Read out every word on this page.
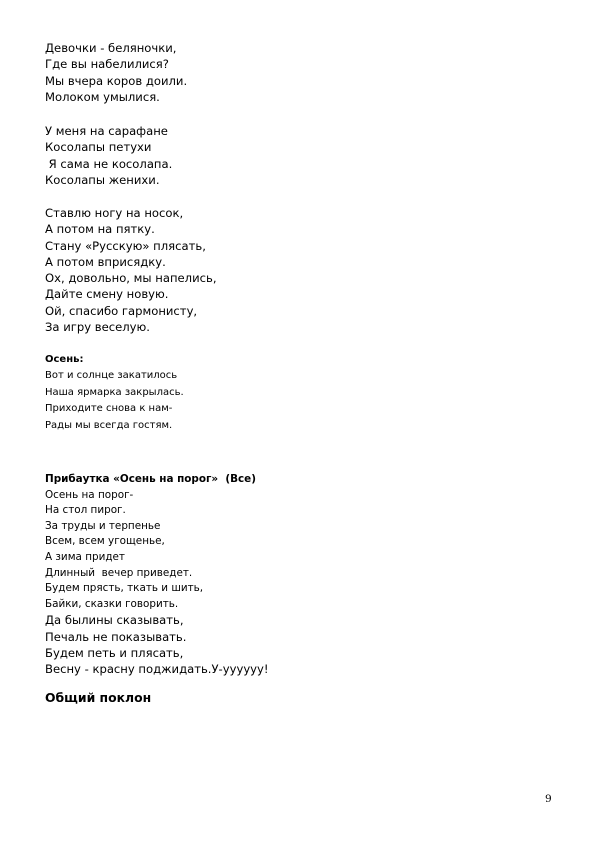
Девочки - беляночки,
Где вы набелилися?
Мы вчера коров доили.
Молоком умылися.
У меня на сарафане
Косолапы петухи
Я сама не косолапа.
Косолапы женихи.
Ставлю ногу на носок,
А потом на пятку.
Стану «Русскую» плясать,
А потом вприсядку.
Ох, довольно, мы напелись,
Дайте смену новую.
Ой, спасибо гармонисту,
За игру веселую.
Осень:
Вот и солнце закатилось
Наша ярмарка закрылась.
Приходите снова к нам-
Рады мы всегда гостям.
Прибаутка «Осень на порог»  (Все)
Осень на порог-
На стол пирог.
За труды и терпенье
Всем, всем угощенье,
А зима придет
Длинный  вечер приведет.
Будем прясть, ткать и шить,
Байки, сказки говорить.
Да былины сказывать,
Печаль не показывать.
Будем петь и плясать,
Весну - красну поджидать.У-уууууу!
Общий поклон
9
